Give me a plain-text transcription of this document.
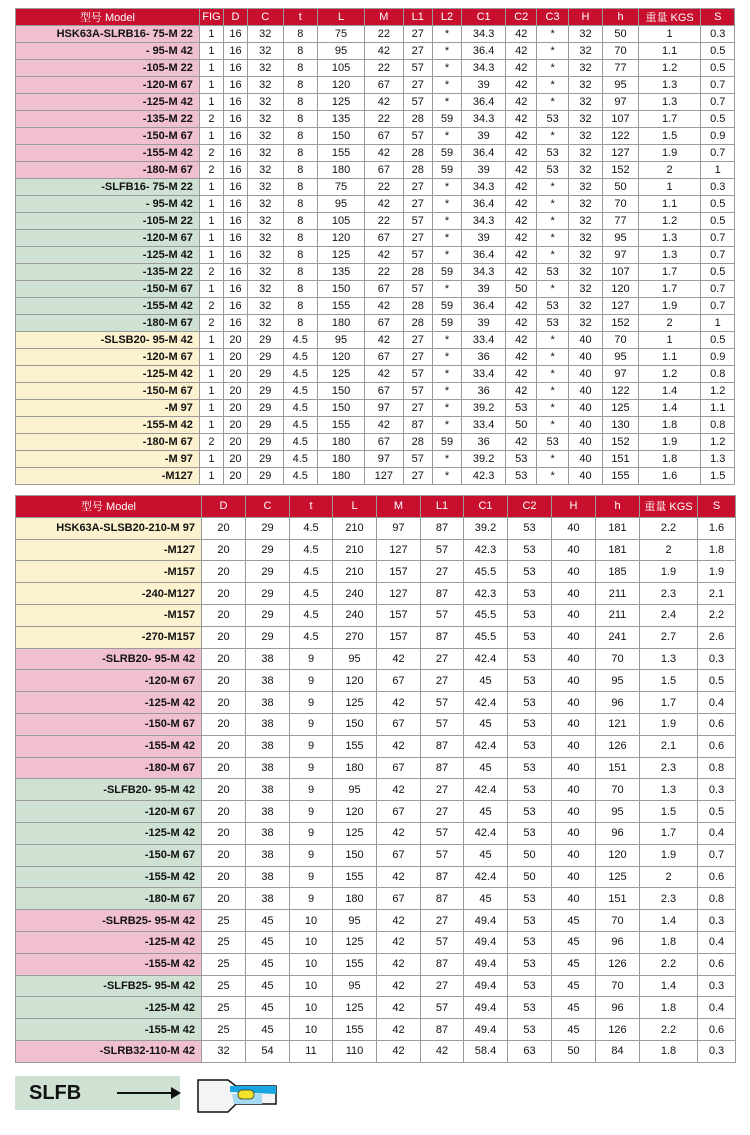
型号 Model	FIG	D	C	t	L	M	L1	L2	C1	C2	C3	H	h	重量 KGS	S
HSK63A-SLRB16- 75-M 22	1	16	32	8	75	22	27	*	34.3	42	*	32	50	1	0.3
- 95-M 42	1	16	32	8	95	42	27	*	36.4	42	*	32	70	1.1	0.5
-105-M 22	1	16	32	8	105	22	57	*	34.3	42	*	32	77	1.2	0.5
-120-M 67	1	16	32	8	120	67	27	*	39	42	*	32	95	1.3	0.7
-125-M 42	1	16	32	8	125	42	57	*	36.4	42	*	32	97	1.3	0.7
-135-M 22	2	16	32	8	135	22	28	59	34.3	42	53	32	107	1.7	0.5
-150-M 67	1	16	32	8	150	67	57	*	39	42	*	32	122	1.5	0.9
-155-M 42	2	16	32	8	155	42	28	59	36.4	42	53	32	127	1.9	0.7
-180-M 67	2	16	32	8	180	67	28	59	39	42	53	32	152	2	1
-SLFB16- 75-M 22	1	16	32	8	75	22	27	*	34.3	42	*	32	50	1	0.3
- 95-M 42	1	16	32	8	95	42	27	*	36.4	42	*	32	70	1.1	0.5
-105-M 22	1	16	32	8	105	22	57	*	34.3	42	*	32	77	1.2	0.5
-120-M 67	1	16	32	8	120	67	27	*	39	42	*	32	95	1.3	0.7
-125-M 42	1	16	32	8	125	42	57	*	36.4	42	*	32	97	1.3	0.7
-135-M 22	2	16	32	8	135	22	28	59	34.3	42	53	32	107	1.7	0.5
-150-M 67	1	16	32	8	150	67	57	*	39	50	*	32	120	1.7	0.7
-155-M 42	2	16	32	8	155	42	28	59	36.4	42	53	32	127	1.9	0.7
-180-M 67	2	16	32	8	180	67	28	59	39	42	53	32	152	2	1
-SLSB20- 95-M 42	1	20	29	4.5	95	42	27	*	33.4	42	*	40	70	1	0.5
-120-M 67	1	20	29	4.5	120	67	27	*	36	42	*	40	95	1.1	0.9
-125-M 42	1	20	29	4.5	125	42	57	*	33.4	42	*	40	97	1.2	0.8
-150-M 67	1	20	29	4.5	150	67	57	*	36	42	*	40	122	1.4	1.2
-M 97	1	20	29	4.5	150	97	27	*	39.2	53	*	40	125	1.4	1.1
-155-M 42	1	20	29	4.5	155	42	87	*	33.4	50	*	40	130	1.8	0.8
-180-M 67	2	20	29	4.5	180	67	28	59	36	42	53	40	152	1.9	1.2
-M 97	1	20	29	4.5	180	97	57	*	39.2	53	*	40	151	1.8	1.3
-M127	1	20	29	4.5	180	127	27	*	42.3	53	*	40	155	1.6	1.5
型号 Model	D	C	t	L	M	L1	C1	C2	H	h	重量 KGS	S
HSK63A-SLSB20-210-M 97	20	29	4.5	210	97	87	39.2	53	40	181	2.2	1.6
-M127	20	29	4.5	210	127	57	42.3	53	40	181	2	1.8
-M157	20	29	4.5	210	157	27	45.5	53	40	185	1.9	1.9
-240-M127	20	29	4.5	240	127	87	42.3	53	40	211	2.3	2.1
-M157	20	29	4.5	240	157	57	45.5	53	40	211	2.4	2.2
-270-M157	20	29	4.5	270	157	87	45.5	53	40	241	2.7	2.6
-SLRB20- 95-M 42	20	38	9	95	42	27	42.4	53	40	70	1.3	0.3
-120-M 67	20	38	9	120	67	27	45	53	40	95	1.5	0.5
-125-M 42	20	38	9	125	42	57	42.4	53	40	96	1.7	0.4
-150-M 67	20	38	9	150	67	57	45	53	40	121	1.9	0.6
-155-M 42	20	38	9	155	42	87	42.4	53	40	126	2.1	0.6
-180-M 67	20	38	9	180	67	87	45	53	40	151	2.3	0.8
-SLFB20- 95-M 42	20	38	9	95	42	27	42.4	53	40	70	1.3	0.3
-120-M 67	20	38	9	120	67	27	45	53	40	95	1.5	0.5
-125-M 42	20	38	9	125	42	57	42.4	53	40	96	1.7	0.4
-150-M 67	20	38	9	150	67	57	45	50	40	120	1.9	0.7
-155-M 42	20	38	9	155	42	87	42.4	50	40	125	2	0.6
-180-M 67	20	38	9	180	67	87	45	53	40	151	2.3	0.8
-SLRB25- 95-M 42	25	45	10	95	42	27	49.4	53	45	70	1.4	0.3
-125-M 42	25	45	10	125	42	57	49.4	53	45	96	1.8	0.4
-155-M 42	25	45	10	155	42	87	49.4	53	45	126	2.2	0.6
-SLFB25- 95-M 42	25	45	10	95	42	27	49.4	53	45	70	1.4	0.3
-125-M 42	25	45	10	125	42	57	49.4	53	45	96	1.8	0.4
-155-M 42	25	45	10	155	42	87	49.4	53	45	126	2.2	0.6
-SLRB32-110-M 42	32	54	11	110	42	42	58.4	63	50	84	1.8	0.3
SLFB
